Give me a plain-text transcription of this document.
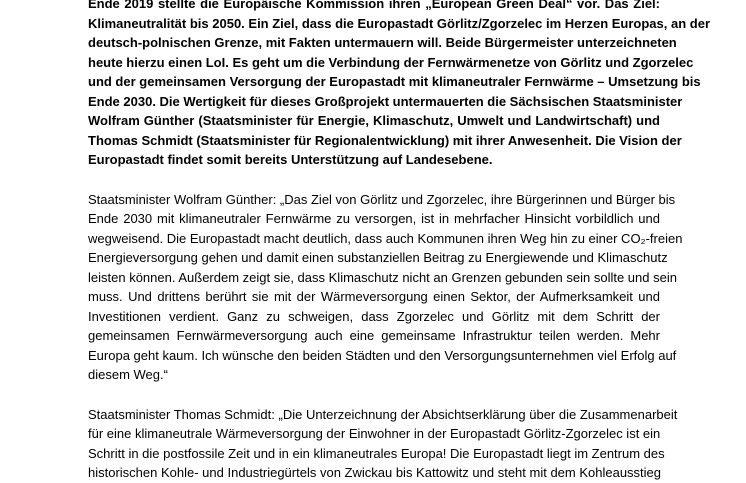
Ende 2019 stellte die Europäische Kommission ihren „European Green Deal“ vor. Das Ziel:
Klimaneutralität bis 2050. Ein Ziel, dass die Europastadt Görlitz/Zgorzelec im Herzen Europas, an der
deutsch-polnischen Grenze, mit Fakten untermauern will. Beide Bürgermeister unterzeichneten
heute hierzu einen LoI. Es geht um die Verbindung der Fernwärmenetze von Görlitz und Zgorzelec
und der gemeinsamen Versorgung der Europastadt mit klimaneutraler Fernwärme – Umsetzung bis
Ende 2030. Die Wertigkeit für dieses Großprojekt untermauerten die Sächsischen Staatsminister
Wolfram Günther (Staatsminister für Energie, Klimaschutz, Umwelt und Landwirtschaft) und
Thomas Schmidt (Staatsminister für Regionalentwicklung) mit ihrer Anwesenheit. Die Vision der
Europastadt findet somit bereits Unterstützung auf Landesebene.

Staatsminister Wolfram Günther: „Das Ziel von Görlitz und Zgorzelec, ihre Bürgerinnen und Bürger bis
Ende 2030 mit klimaneutraler Fernwärme zu versorgen, ist in mehrfacher Hinsicht vorbildlich und
wegweisend. Die Europastadt macht deutlich, dass auch Kommunen ihren Weg hin zu einer CO₂-freien
Energieversorgung gehen und damit einen substanziellen Beitrag zu Energiewende und Klimaschutz
leisten können. Außerdem zeigt sie, dass Klimaschutz nicht an Grenzen gebunden sein sollte und sein
muss. Und drittens berührt sie mit der Wärmeversorgung einen Sektor, der Aufmerksamkeit und
Investitionen verdient. Ganz zu schweigen, dass Zgorzelec und Görlitz mit dem Schritt der
gemeinsamen Fernwärmeversorgung auch eine gemeinsame Infrastruktur teilen werden. Mehr
Europa geht kaum. Ich wünsche den beiden Städten und den Versorgungsunternehmen viel Erfolg auf
diesem Weg.“

Staatsminister Thomas Schmidt: „Die Unterzeichnung der Absichtserklärung über die Zusammenarbeit
für eine klimaneutrale Wärmeversorgung der Einwohner in der Europastadt Görlitz-Zgorzelec ist ein
Schritt in die postfossile Zeit und in ein klimaneutrales Europa! Die Europastadt liegt im Zentrum des
historischen Kohle- und Industriegürtels von Zwickau bis Kattowitz und steht mit dem Kohleausstieg
